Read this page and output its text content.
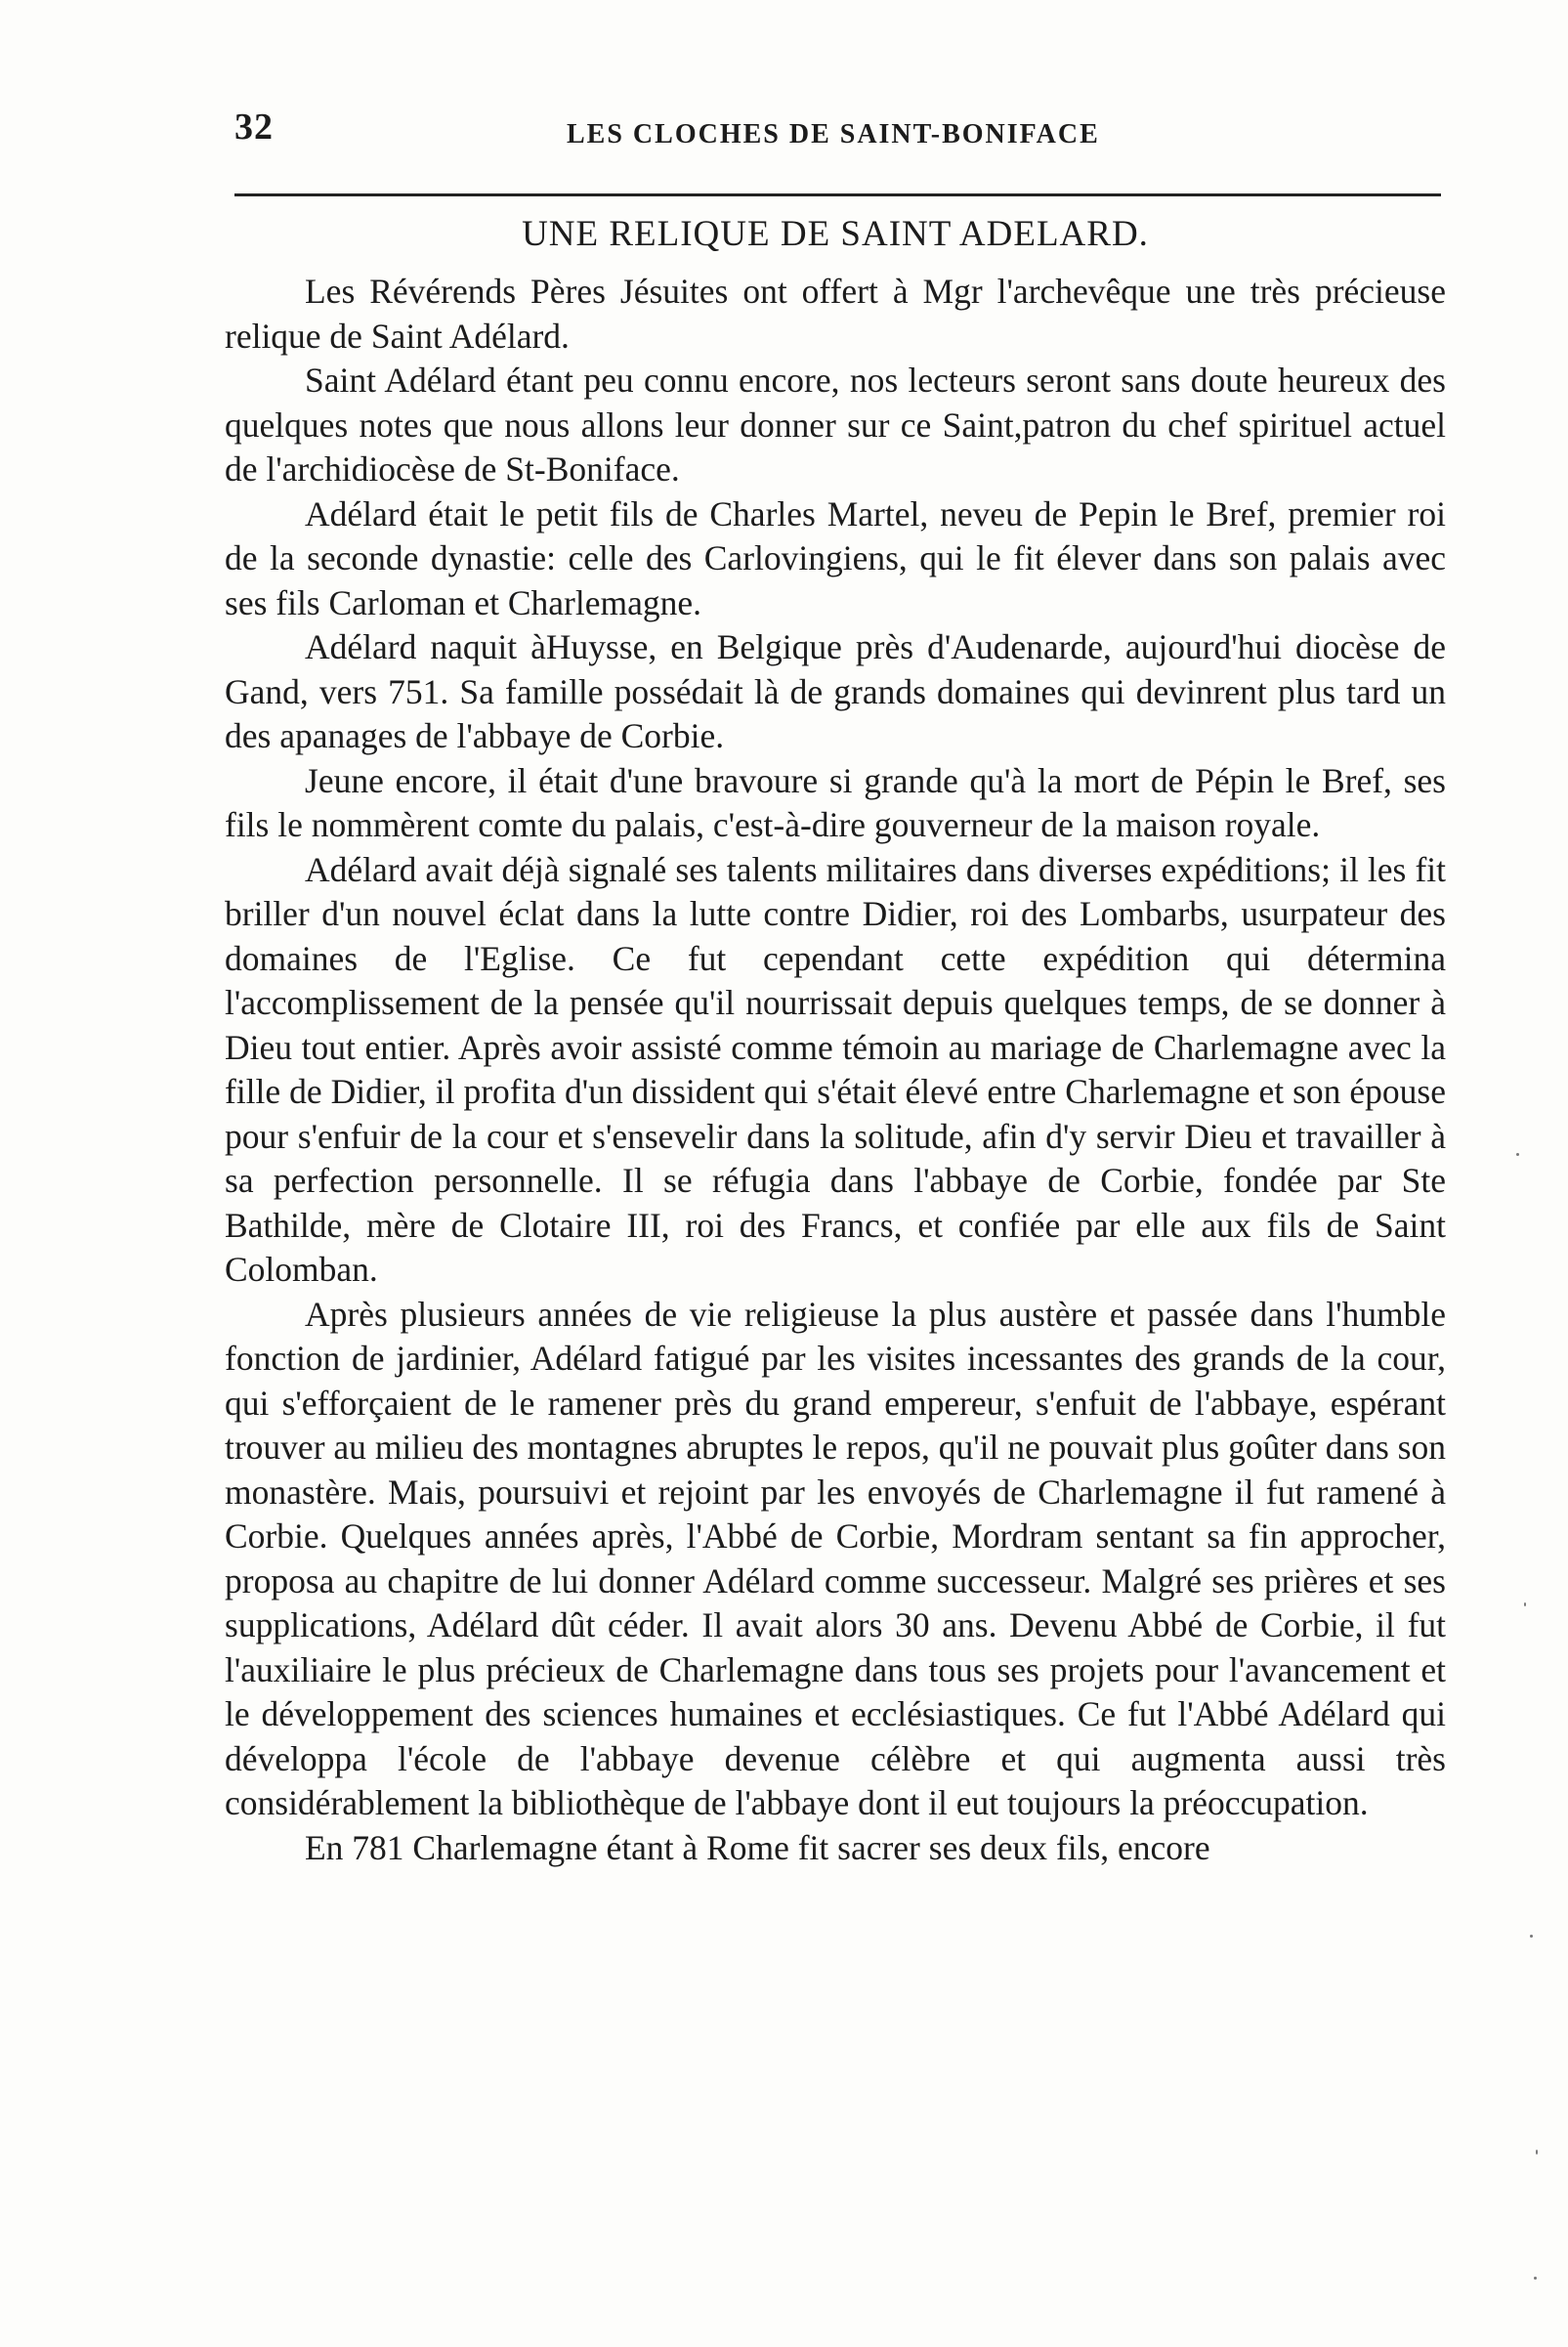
32	LES CLOCHES DE SAINT-BONIFACE
UNE RELIQUE DE SAINT ADELARD.

Les Révérends Pères Jésuites ont offert à Mgr l'archevêque une très précieuse relique de Saint Adélard.

Saint Adélard étant peu connu encore, nos lecteurs seront sans doute heureux des quelques notes que nous allons leur donner sur ce Saint,patron du chef spirituel actuel de l'archidiocèse de St-Boniface.

Adélard était le petit fils de Charles Martel, neveu de Pepin le Bref, premier roi de la seconde dynastie: celle des Carlovingiens, qui le fit élever dans son palais avec ses fils Carloman et Charlemagne.

Adélard naquit àHuysse, en Belgique près d'Audenarde, aujourd'hui diocèse de Gand, vers 751. Sa famille possédait là de grands domaines qui devinrent plus tard un des apanages de l'abbaye de Corbie.

Jeune encore, il était d'une bravoure si grande qu'à la mort de Pépin le Bref, ses fils le nommèrent comte du palais, c'est-à-dire gouverneur de la maison royale.

Adélard avait déjà signalé ses talents militaires dans diverses expéditions; il les fit briller d'un nouvel éclat dans la lutte contre Didier, roi des Lombarbs, usurpateur des domaines de l'Eglise. Ce fut cependant cette expédition qui détermina l'accomplissement de la pensée qu'il nourrissait depuis quelques temps, de se donner à Dieu tout entier. Après avoir assisté comme témoin au mariage de Charlemagne avec la fille de Didier, il profita d'un dissident qui s'était élevé entre Charlemagne et son épouse pour s'enfuir de la cour et s'ensevelir dans la solitude, afin d'y servir Dieu et travailler à sa perfection personnelle. Il se réfugia dans l'abbaye de Corbie, fondée par Ste Bathilde, mère de Clotaire III, roi des Francs, et confiée par elle aux fils de Saint Colomban.

Après plusieurs années de vie religieuse la plus austère et passée dans l'humble fonction de jardinier, Adélard fatigué par les visites incessantes des grands de la cour, qui s'efforçaient de le ramener près du grand empereur, s'enfuit de l'abbaye, espérant trouver au milieu des montagnes abruptes le repos, qu'il ne pouvait plus goûter dans son monastère. Mais, poursuivi et rejoint par les envoyés de Charlemagne il fut ramené à Corbie. Quelques années après, l'Abbé de Corbie, Mordram sentant sa fin approcher, proposa au chapitre de lui donner Adélard comme successeur. Malgré ses prières et ses supplications, Adélard dût céder. Il avait alors 30 ans. Devenu Abbé de Corbie, il fut l'auxiliaire le plus précieux de Charlemagne dans tous ses projets pour l'avancement et le développement des sciences humaines et ecclésiastiques. Ce fut l'Abbé Adélard qui développa l'école de l'abbaye devenue célèbre et qui augmenta aussi très considérablement la bibliothèque de l'abbaye dont il eut toujours la préoccupation.

En 781 Charlemagne étant à Rome fit sacrer ses deux fils, encore
